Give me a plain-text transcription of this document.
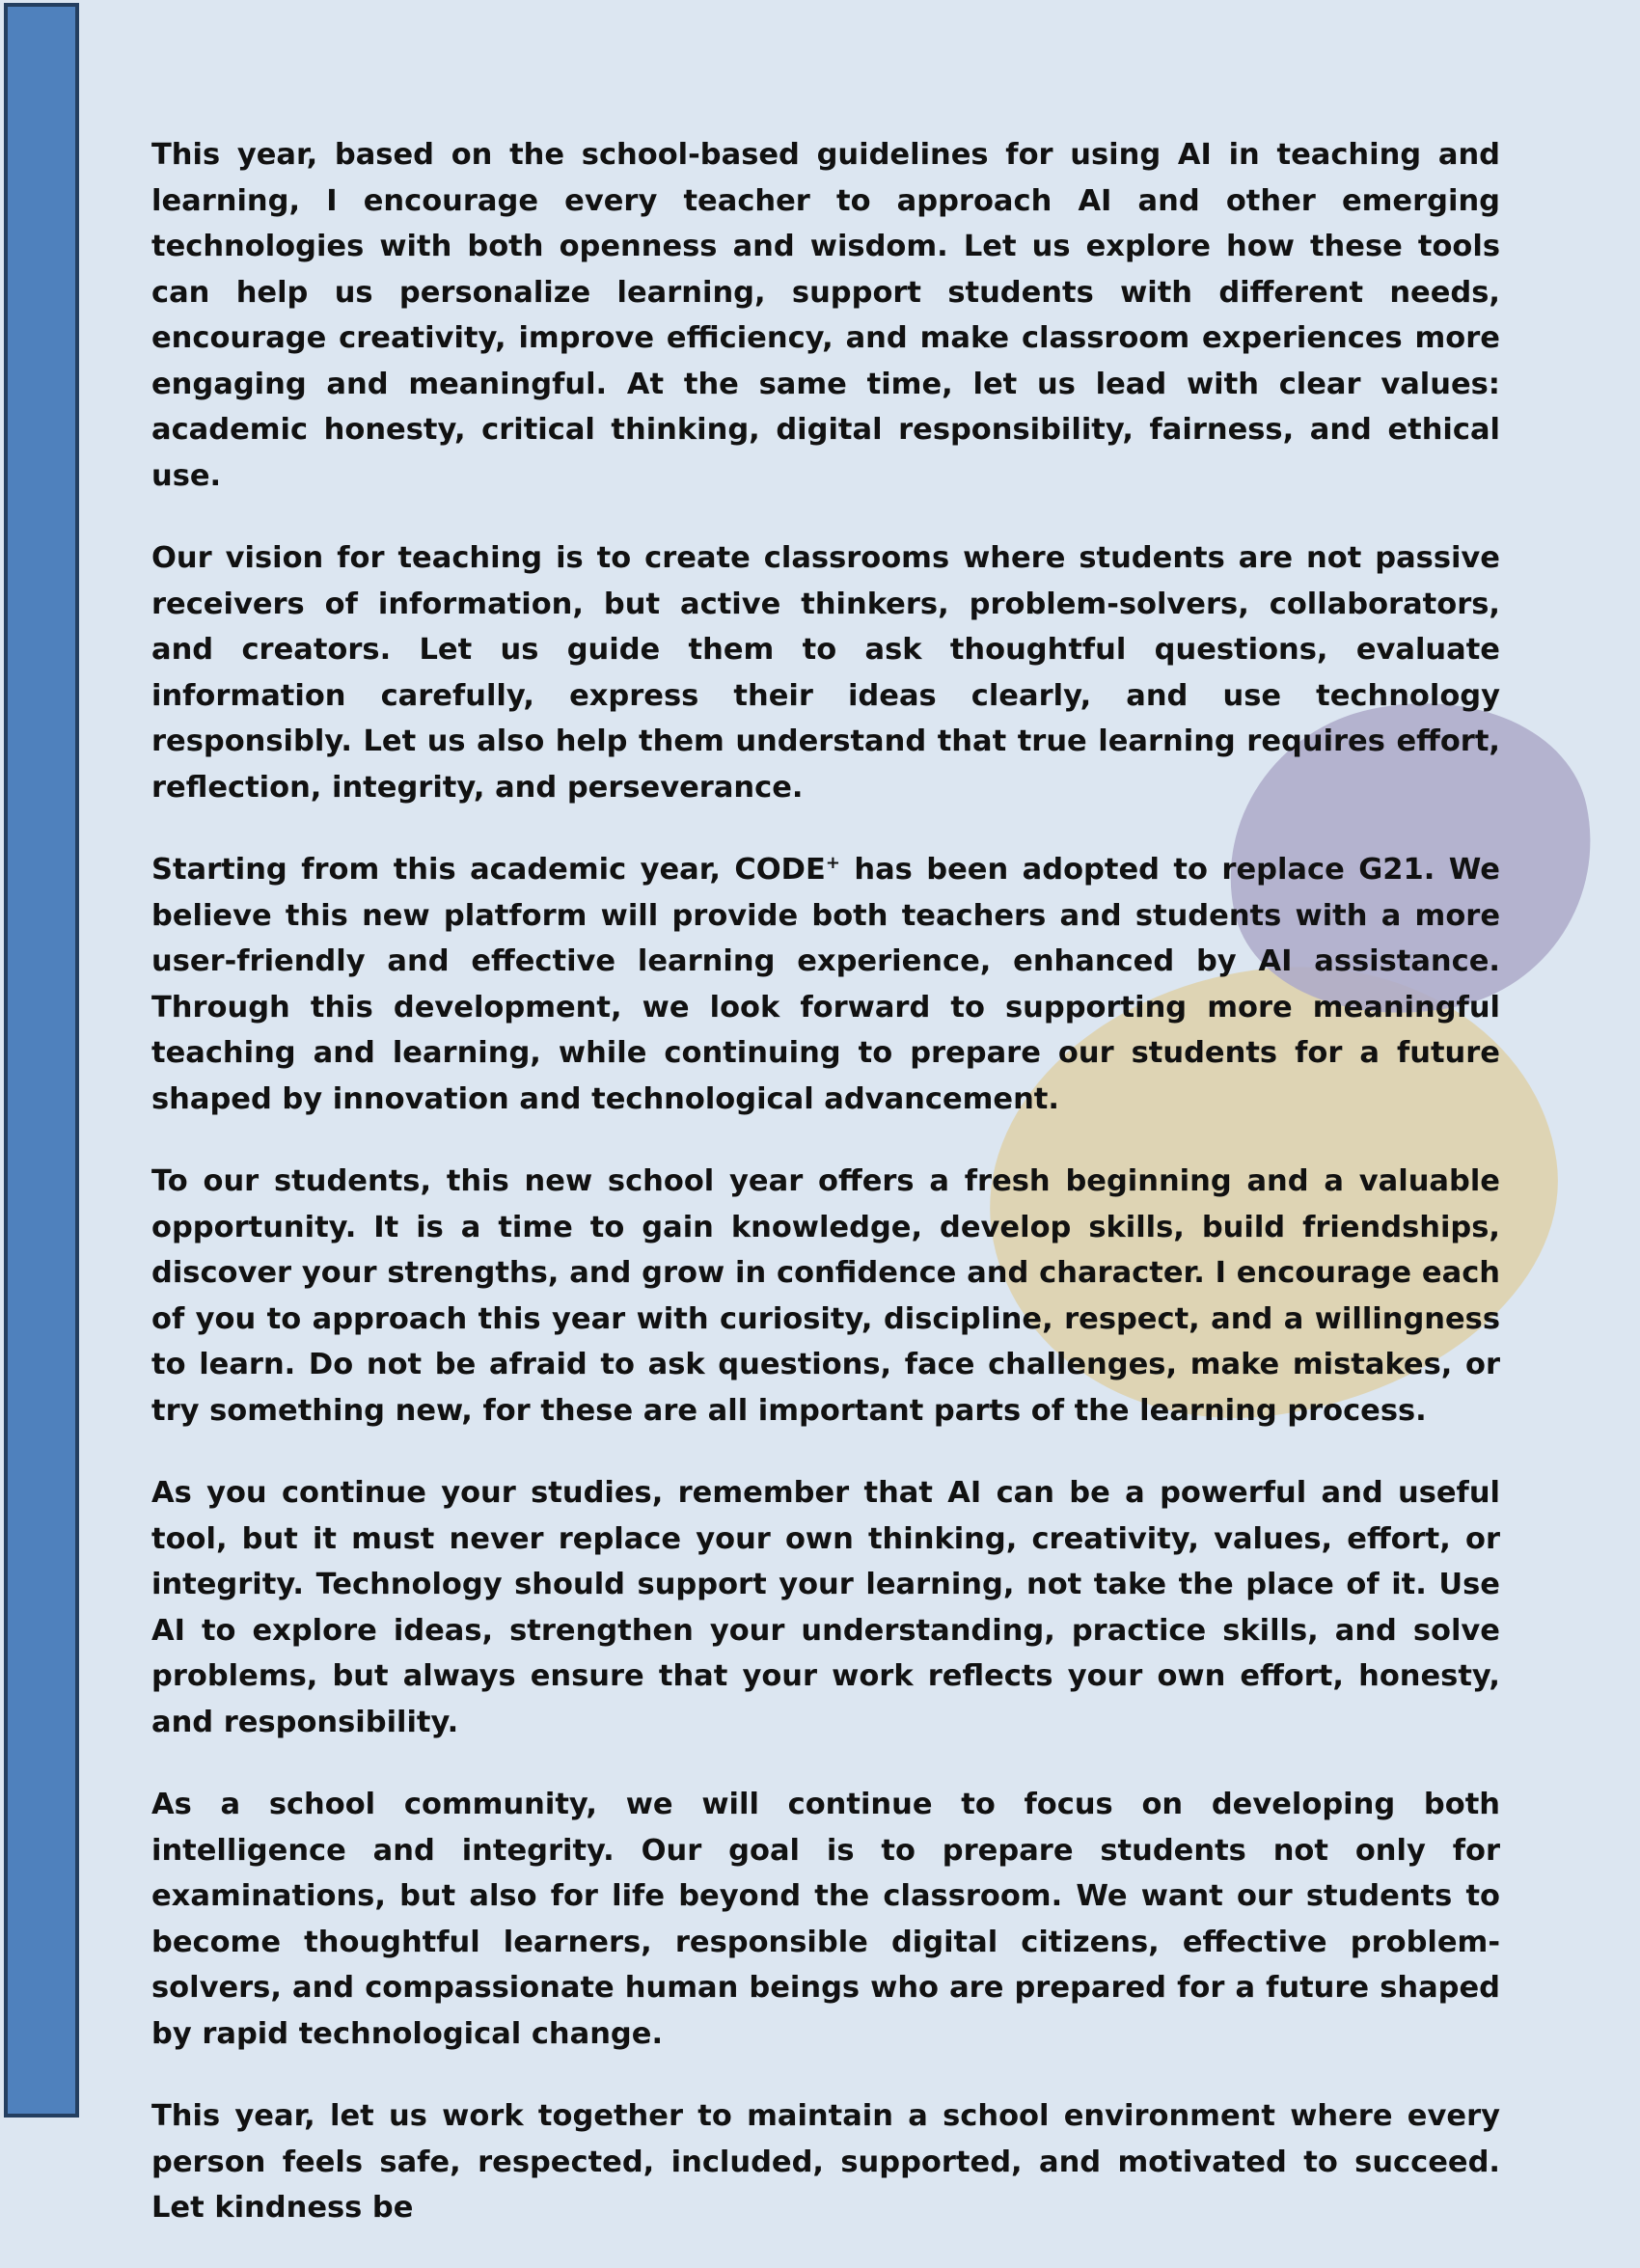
This year, based on the school-based guidelines for using AI in teaching and learning, I encourage every teacher to approach AI and other emerging technologies with both openness and wisdom. Let us explore how these tools can help us personalize learning, support students with different needs, encourage creativity, improve efficiency, and make classroom experiences more engaging and meaningful. At the same time, let us lead with clear values: academic honesty, critical thinking, digital responsibility, fairness, and ethical use.

Our vision for teaching is to create classrooms where students are not passive receivers of information, but active thinkers, problem-solvers, collaborators, and creators. Let us guide them to ask thoughtful questions, evaluate information carefully, express their ideas clearly, and use technology responsibly. Let us also help them understand that true learning requires effort, reflection, integrity, and perseverance.

Starting from this academic year, CODE+ has been adopted to replace G21. We believe this new platform will provide both teachers and students with a more user-friendly and effective learning experience, enhanced by AI assistance. Through this development, we look forward to supporting more meaningful teaching and learning, while continuing to prepare our students for a future shaped by innovation and technological advancement.

To our students, this new school year offers a fresh beginning and a valuable opportunity. It is a time to gain knowledge, develop skills, build friendships, discover your strengths, and grow in confidence and character. I encourage each of you to approach this year with curiosity, discipline, respect, and a willingness to learn. Do not be afraid to ask questions, face challenges, make mistakes, or try something new, for these are all important parts of the learning process.

As you continue your studies, remember that AI can be a powerful and useful tool, but it must never replace your own thinking, creativity, values, effort, or integrity. Technology should support your learning, not take the place of it. Use AI to explore ideas, strengthen your understanding, practice skills, and solve problems, but always ensure that your work reflects your own effort, honesty, and responsibility.

As a school community, we will continue to focus on developing both intelligence and integrity. Our goal is to prepare students not only for examinations, but also for life beyond the classroom. We want our students to become thoughtful learners, responsible digital citizens, effective problem-solvers, and compassionate human beings who are prepared for a future shaped by rapid technological change.

This year, let us work together to maintain a school environment where every person feels safe, respected, included, supported, and motivated to succeed. Let kindness be
